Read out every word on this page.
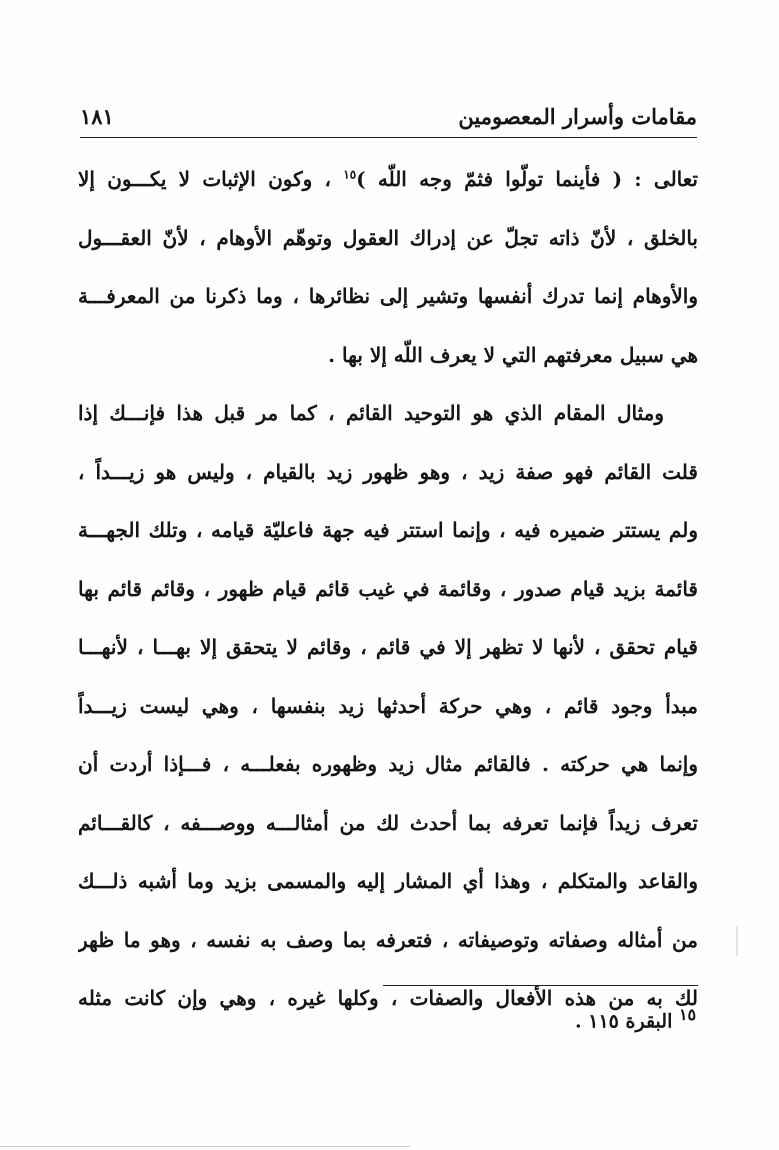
مقامات وأسرار المعصومين
١٨١
تعالى : ( فأينما تولّوا فثمّ وجه اللّه )$^{١٥}$ ، وكون الإثبات لا يكـــون إلا
بالخلق ، لأنّ ذاته تجلّ عن إدراك العقول وتوهّم الأوهام ، لأنّ العقـــول
والأوهام إنما تدرك أنفسها وتشير إلى نظائرها ، وما ذكرنا من المعرفـــة
هي سبيل معرفتهم التي لا يعرف اللّه إلا بها .
ومثال المقام الذي هو التوحيد القائم ، كما مر قبل هذا فإنـــك إذا
قلت القائم فهو صفة زيد ، وهو ظهور زيد بالقيام ، وليس هو زيـــداً ،
ولم يستتر ضميره فيه ، وإنما استتر فيه جهة فاعليّة قيامه ، وتلك الجهـــة
قائمة بزيد قيام صدور ، وقائمة في غيب قائم قيام ظهور ، وقائم قائم بها
قيام تحقق ، لأنها لا تظهر إلا في قائم ، وقائم لا يتحقق إلا بهـــا ، لأنهـــا
مبدأ وجود قائم ، وهي حركة أحدثها زيد بنفسها ، وهي ليست زيـــداً
وإنما هي حركته . فالقائم مثال زيد وظهوره بفعلـــه ، فـــإذا أردت أن
تعرف زيداً فإنما تعرفه بما أحدث لك من أمثالـــه ووصـــفه ، كالقـــائم
والقاعد والمتكلم ، وهذا أي المشار إليه والمسمى بزيد وما أشبه ذلـــك
من أمثاله وصفاته وتوصيفاته ، فتعرفه بما وصف به نفسه ، وهو ما ظهر
لك به من هذه الأفعال والصفات ، وكلها غيره ، وهي وإن كانت مثله
$^{١٥}$ البقرة ١١٥ .
